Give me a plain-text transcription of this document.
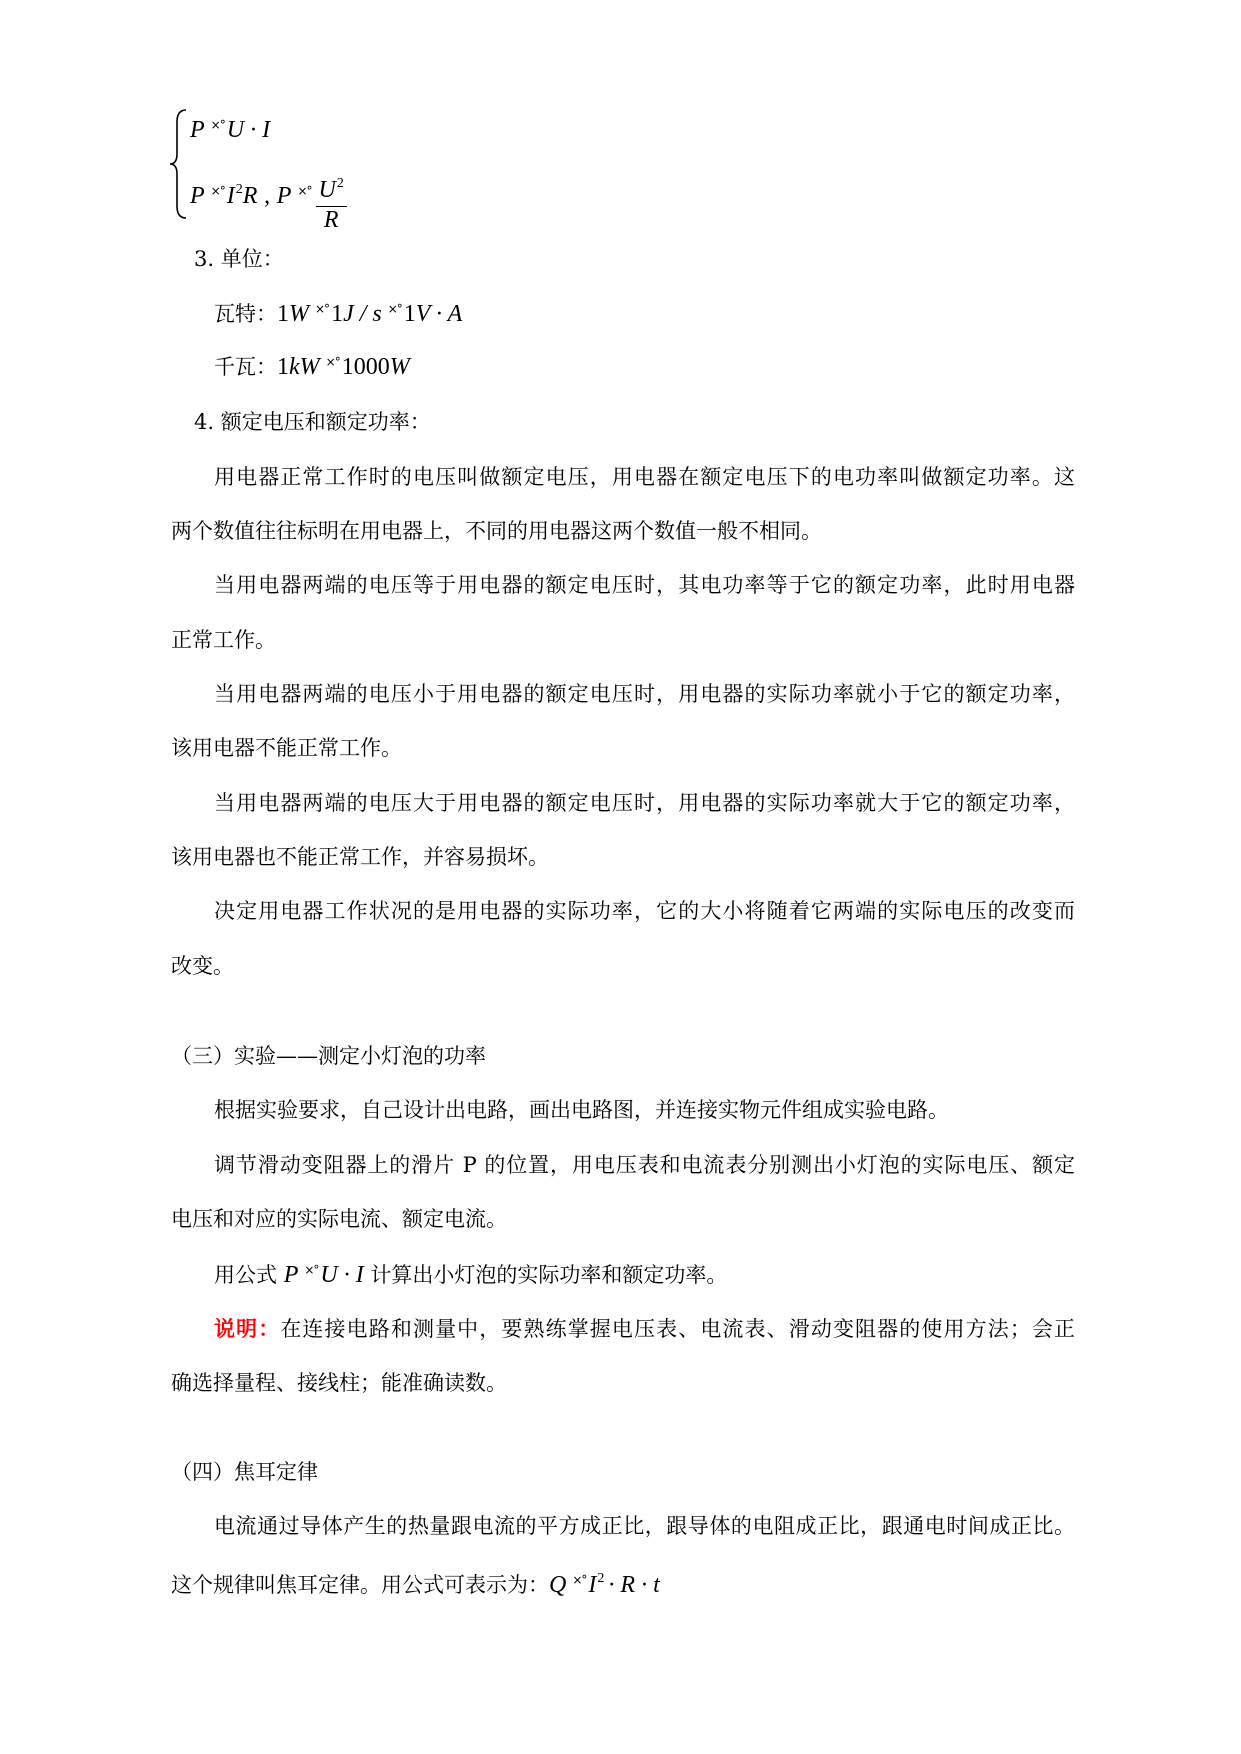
P ×°U · I
P $^{\times^\circ}I^2R$ , P $^{\times^\circ} \frac{U^2}{R}$
3. 单位：
瓦特：1W ×°1J / s ×°1V · A
千瓦：1kW ×°1000W
4. 额定电压和额定功率：
用电器正常工作时的电压叫做额定电压，用电器在额定电压下的电功率叫做额定功率。这
两个数值往往标明在用电器上，不同的用电器这两个数值一般不相同。
当用电器两端的电压等于用电器的额定电压时，其电功率等于它的额定功率，此时用电器
正常工作。
当用电器两端的电压小于用电器的额定电压时，用电器的实际功率就小于它的额定功率，
该用电器不能正常工作。
当用电器两端的电压大于用电器的额定电压时，用电器的实际功率就大于它的额定功率，
该用电器也不能正常工作，并容易损坏。
决定用电器工作状况的是用电器的实际功率，它的大小将随着它两端的实际电压的改变而
改变。
（三）实验——测定小灯泡的功率
根据实验要求，自己设计出电路，画出电路图，并连接实物元件组成实验电路。
调节滑动变阻器上的滑片 P 的位置，用电压表和电流表分别测出小灯泡的实际电压、额定
电压和对应的实际电流、额定电流。
用公式 P ×°U · I 计算出小灯泡的实际功率和额定功率。
说明：在连接电路和测量中，要熟练掌握电压表、电流表、滑动变阻器的使用方法；会正
确选择量程、接线柱；能准确读数。
（四）焦耳定律
电流通过导体产生的热量跟电流的平方成正比，跟导体的电阻成正比，跟通电时间成正比。
这个规律叫焦耳定律。用公式可表示为：Q $^{\times^\circ}I^2 \cdot R \cdot t$
